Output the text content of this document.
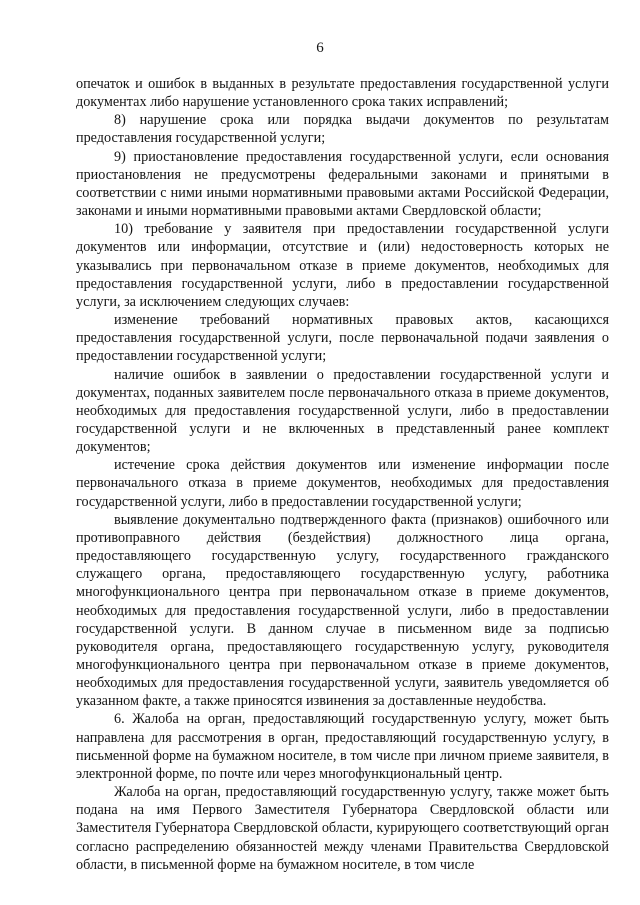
6

опечаток и ошибок в выданных в результате предоставления государственной услуги документах либо нарушение установленного срока таких исправлений;

8) нарушение срока или порядка выдачи документов по результатам предоставления государственной услуги;

9) приостановление предоставления государственной услуги, если основания приостановления не предусмотрены федеральными законами и принятыми в соответствии с ними иными нормативными правовыми актами Российской Федерации, законами и иными нормативными правовыми актами Свердловской области;

10) требование у заявителя при предоставлении государственной услуги документов или информации, отсутствие и (или) недостоверность которых не указывались при первоначальном отказе в приеме документов, необходимых для предоставления государственной услуги, либо в предоставлении государственной услуги, за исключением следующих случаев:

изменение требований нормативных правовых актов, касающихся предоставления государственной услуги, после первоначальной подачи заявления о предоставлении государственной услуги;

наличие ошибок в заявлении о предоставлении государственной услуги и документах, поданных заявителем после первоначального отказа в приеме документов, необходимых для предоставления государственной услуги, либо в предоставлении государственной услуги и не включенных в представленный ранее комплект документов;

истечение срока действия документов или изменение информации после первоначального отказа в приеме документов, необходимых для предоставления государственной услуги, либо в предоставлении государственной услуги;

выявление документально подтвержденного факта (признаков) ошибочного или противоправного действия (бездействия) должностного лица органа, предоставляющего государственную услугу, государственного гражданского служащего органа, предоставляющего государственную услугу, работника многофункционального центра при первоначальном отказе в приеме документов, необходимых для предоставления государственной услуги, либо в предоставлении государственной услуги. В данном случае в письменном виде за подписью руководителя органа, предоставляющего государственную услугу, руководителя многофункционального центра при первоначальном отказе в приеме документов, необходимых для предоставления государственной услуги, заявитель уведомляется об указанном факте, а также приносятся извинения за доставленные неудобства.

6. Жалоба на орган, предоставляющий государственную услугу, может быть направлена для рассмотрения в орган, предоставляющий государственную услугу, в письменной форме на бумажном носителе, в том числе при личном приеме заявителя, в электронной форме, по почте или через многофункциональный центр.

Жалоба на орган, предоставляющий государственную услугу, также может быть подана на имя Первого Заместителя Губернатора Свердловской области или Заместителя Губернатора Свердловской области, курирующего соответствующий орган согласно распределению обязанностей между членами Правительства Свердловской области, в письменной форме на бумажном носителе, в том числе
